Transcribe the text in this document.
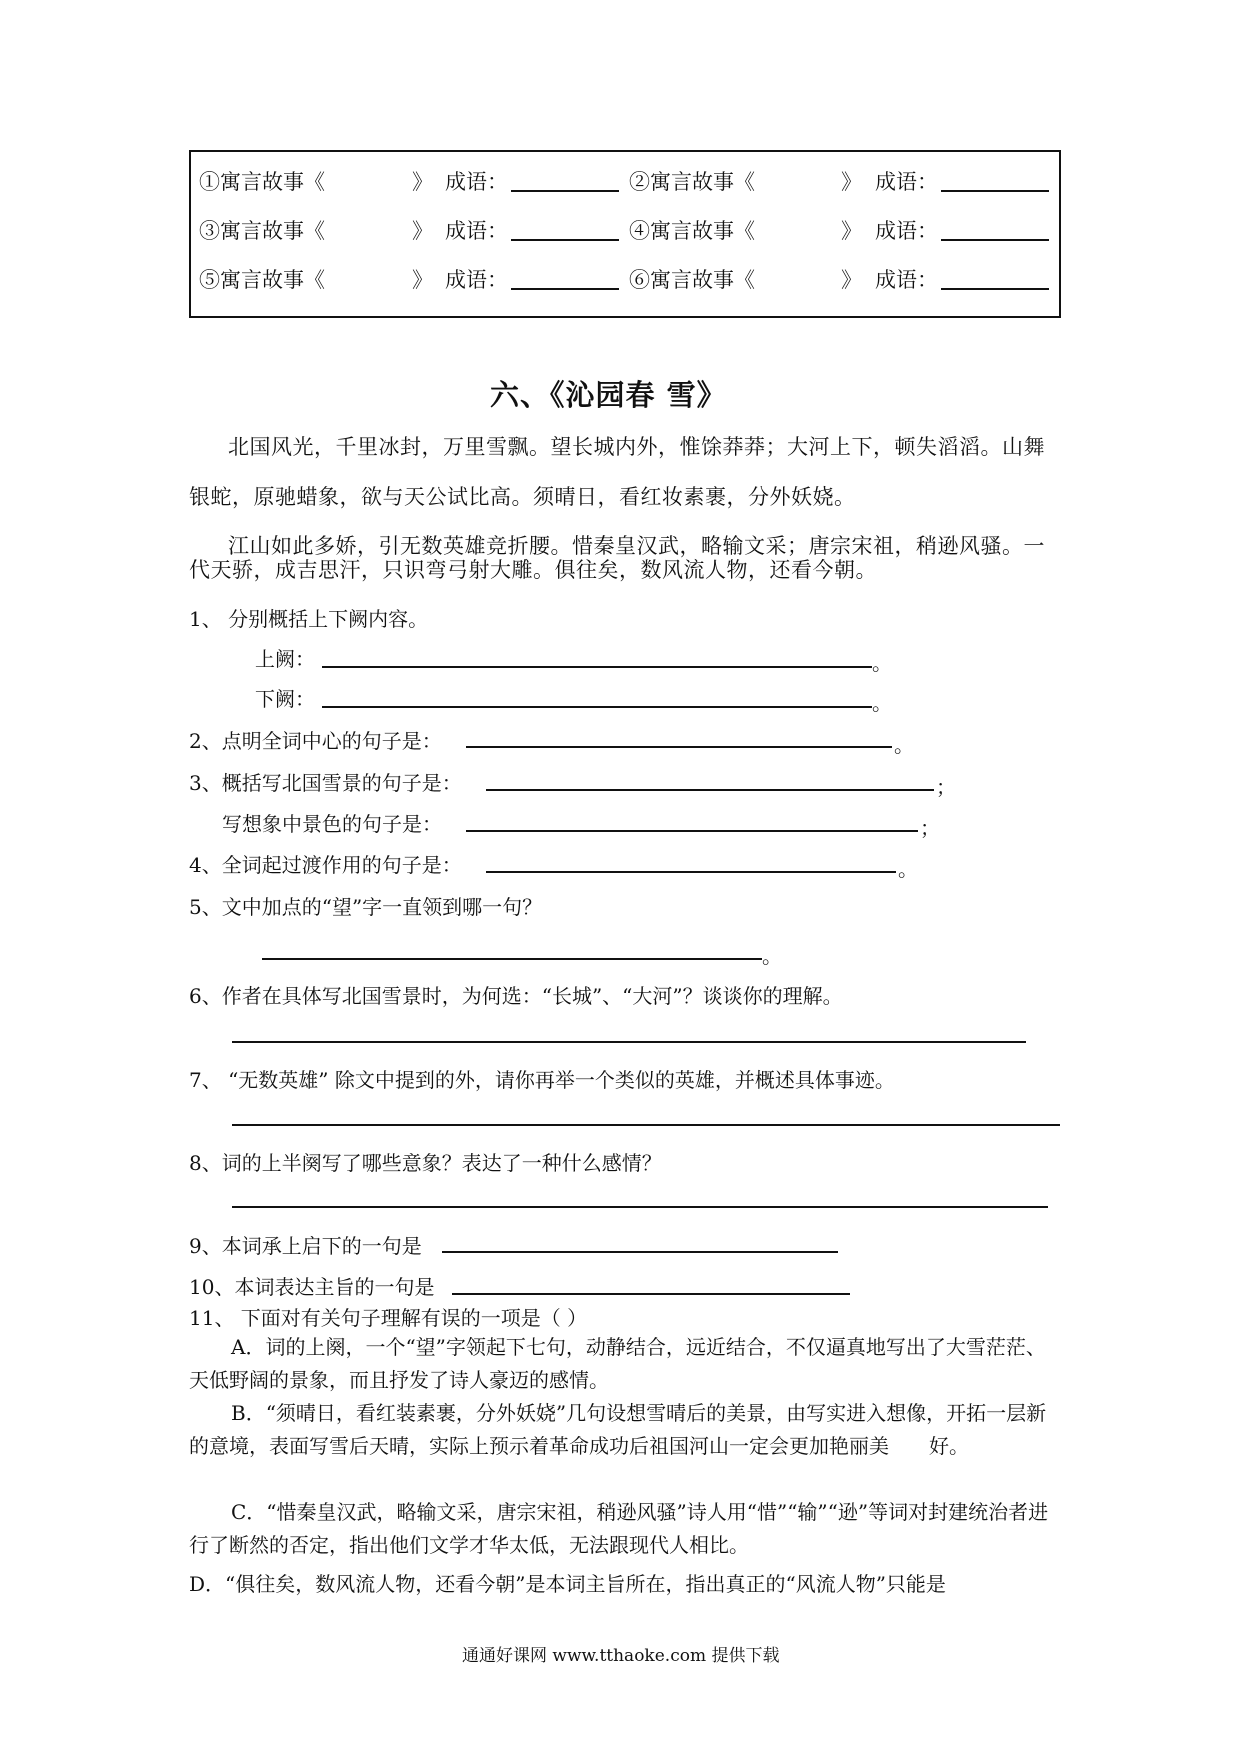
①寓言故事《	》 成语：	②寓言故事《	》 成语：
③寓言故事《	》 成语：	④寓言故事《	》 成语：
⑤寓言故事《	》 成语：	⑥寓言故事《	》 成语：
六、《沁园春 雪》
北国风光，千里冰封，万里雪飘。望长城内外，惟馀莽莽；大河上下，顿失滔滔。山舞
银蛇，原驰蜡象，欲与天公试比高。须晴日，看红妆素裹，分外妖娆。
江山如此多娇，引无数英雄竞折腰。惜秦皇汉武，略输文采；唐宗宋祖，稍逊风骚。一
代天骄，成吉思汗，只识弯弓射大雕。俱往矣，数风流人物，还看今朝。
1、 分别概括上下阙内容。
上阙：	。
下阙：	。
2、点明全词中心的句子是：	。
3、概括写北国雪景的句子是：	；
写想象中景色的句子是：	；
4、全词起过渡作用的句子是：	。
5、文中加点的“望”字一直领到哪一句？
。
6、作者在具体写北国雪景时，为何选：“长城”、“大河”？谈谈你的理解。
7、 “无数英雄” 除文中提到的外，请你再举一个类似的英雄，并概述具体事迹。
8、词的上半阕写了哪些意象？表达了一种什么感情？
9、本词承上启下的一句是
10、本词表达主旨的一句是
11、 下面对有关句子理解有误的一项是（ ）
A．词的上阕，一个“望”字领起下七句，动静结合，远近结合，不仅逼真地写出了大雪茫茫、天低野阔的景象，而且抒发了诗人豪迈的感情。
B．“须晴日，看红装素裹，分外妖娆”几句设想雪晴后的美景，由写实进入想像，开拓一层新的意境，表面写雪后天晴，实际上预示着革命成功后祖国河山一定会更加艳丽美　　好。
C．“惜秦皇汉武，略输文采，唐宗宋祖，稍逊风骚”诗人用“惜”“输”“逊”等词对封建统治者进行了断然的否定，指出他们文学才华太低，无法跟现代人相比。
D．“俱往矣，数风流人物，还看今朝”是本词主旨所在，指出真正的“风流人物”只能是
通通好课网 www.tthaoke.com 提供下载
